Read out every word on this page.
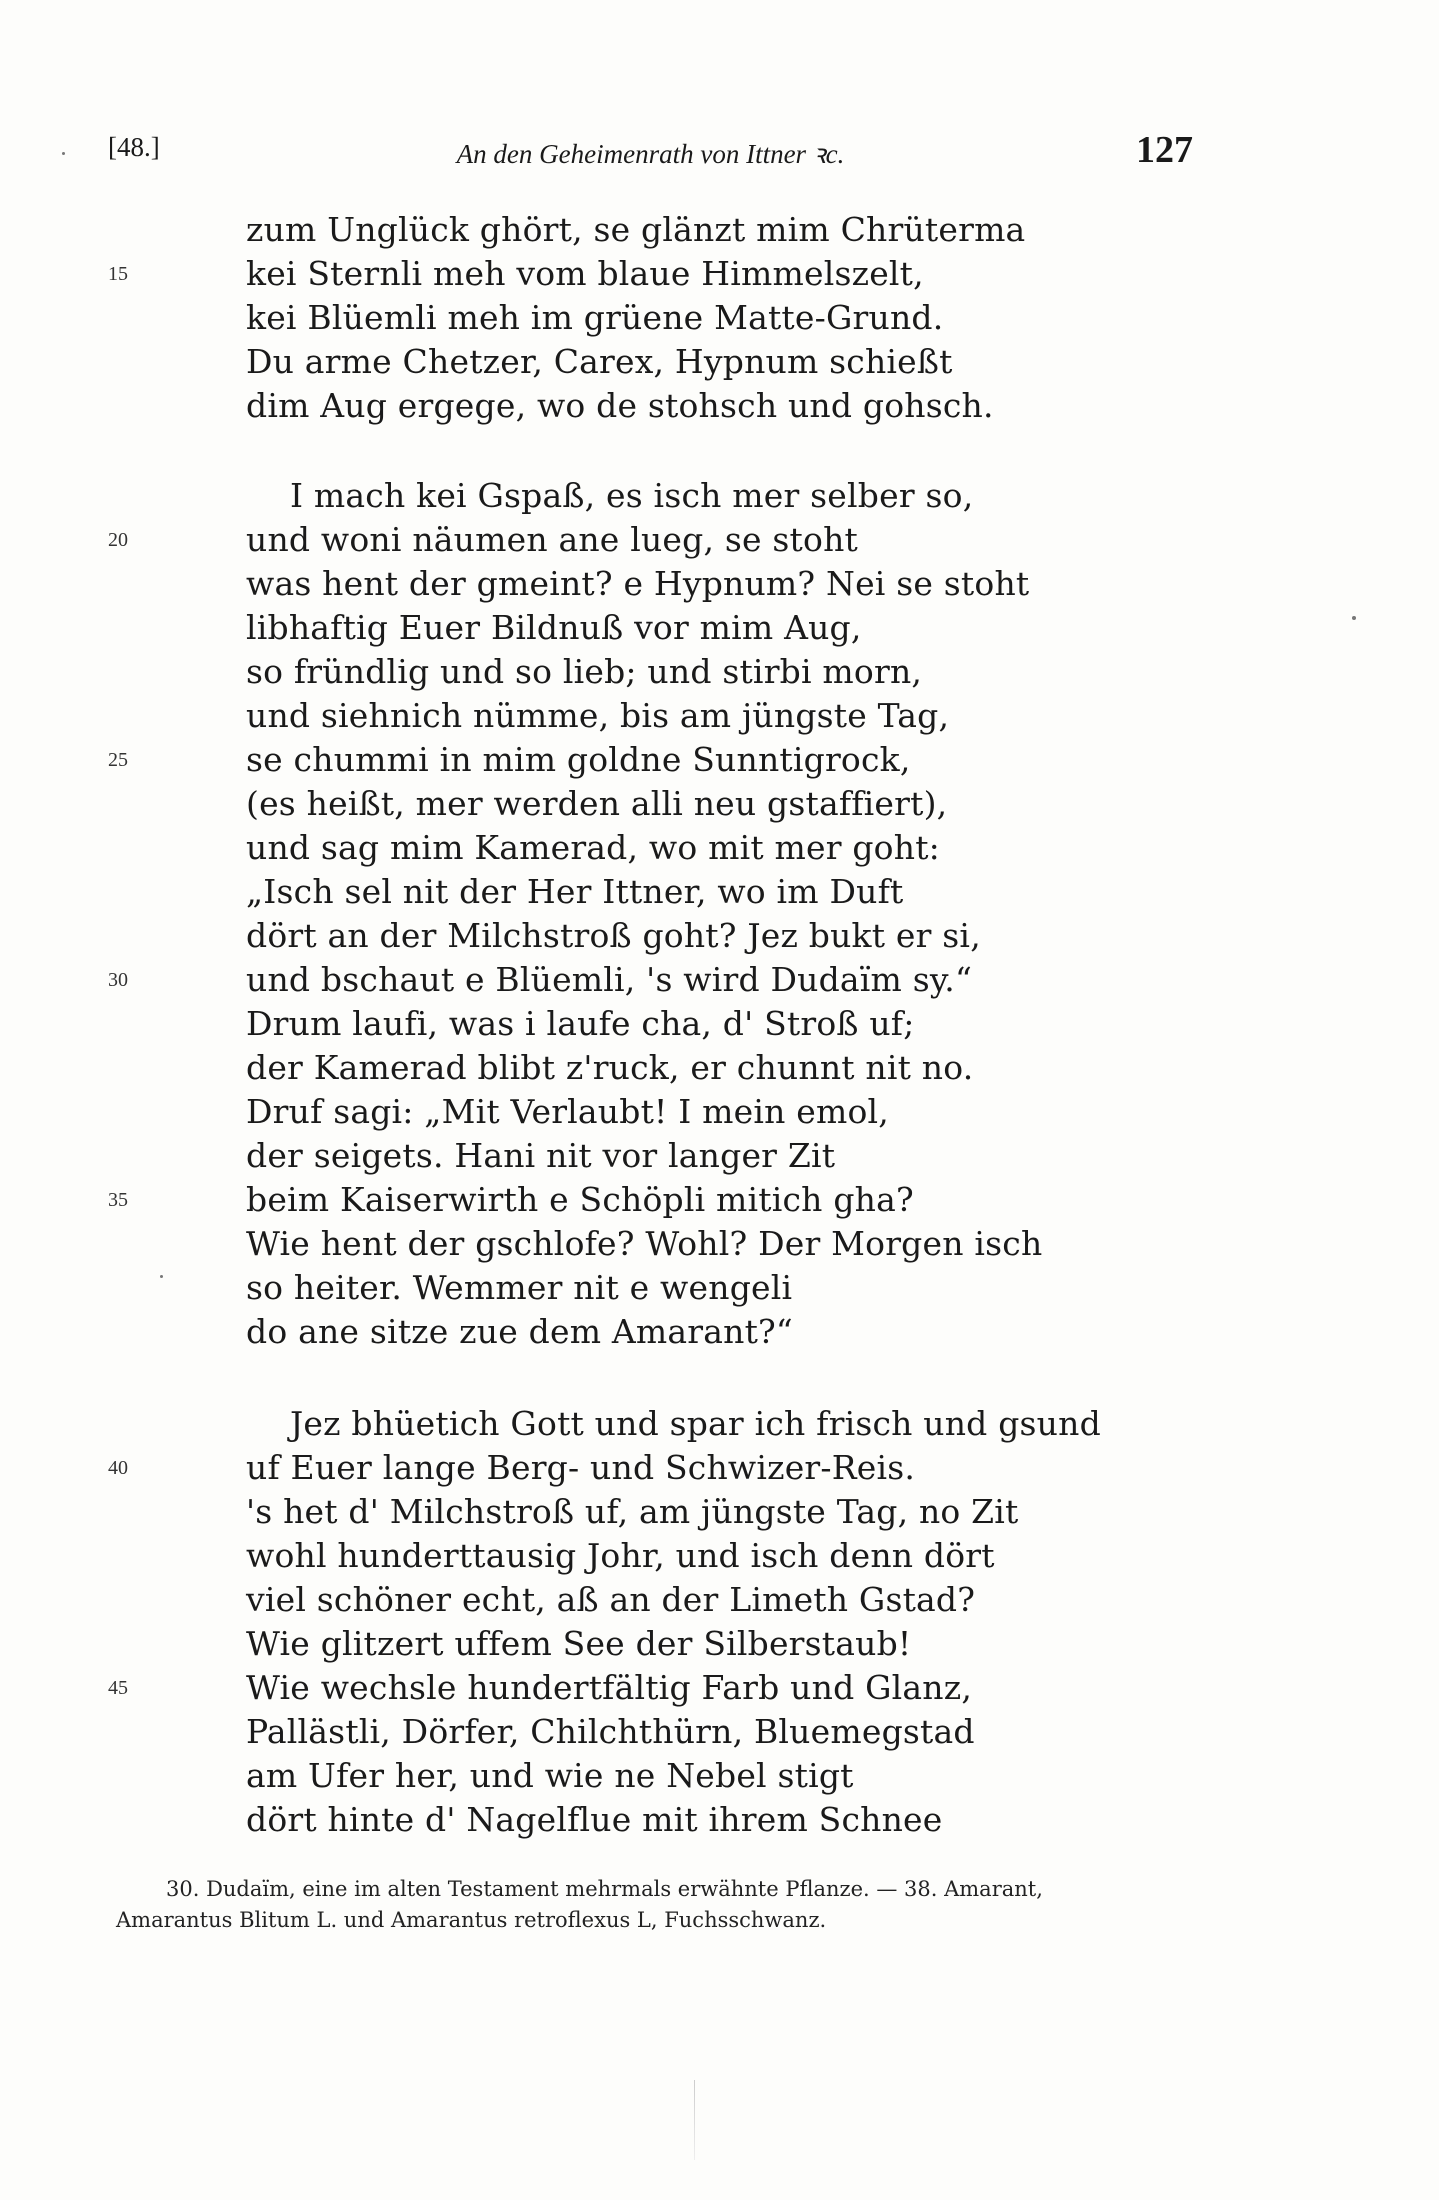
[48.]	An den Geheimenrath von Ittner ꝛc.	127
zum Unglück ghört, se glänzt mim Chrüterma
kei Sternli meh vom blaue Himmelszelt,
15
kei Blüemli meh im grüene Matte-Grund.
Du arme Chetzer, Carex, Hypnum schießt
dim Aug ergege, wo de stohsch und gohsch.
I mach kei Gspaß, es isch mer selber so,
und woni näumen ane lueg, se stoht
20
was hent der gmeint? e Hypnum? Nei se stoht
libhaftig Euer Bildnuß vor mim Aug,
so fründlig und so lieb; und stirbi morn,
und siehnich nümme, bis am jüngste Tag,
se chummi in mim goldne Sunntigrock,
25
(es heißt, mer werden alli neu gstaffiert),
und sag mim Kamerad, wo mit mer goht:
„Isch sel nit der Her Ittner, wo im Duft
dört an der Milchstroß goht? Jez bukt er si,
und bschaut e Blüemli, 's wird Dudaïm sy.“
30
Drum laufi, was i laufe cha, d' Stroß uf;
der Kamerad blibt z'ruck, er chunnt nit no.
Druf sagi: „Mit Verlaubt! I mein emol,
der seigets. Hani nit vor langer Zit
beim Kaiserwirth e Schöpli mitich gha?
35
Wie hent der gschlofe? Wohl? Der Morgen isch
so heiter. Wemmer nit e wengeli
do ane sitze zue dem Amarant?“
Jez bhüetich Gott und spar ich frisch und gsund
uf Euer lange Berg- und Schwizer-Reis.
40
's het d' Milchstroß uf, am jüngste Tag, no Zit
wohl hunderttausig Johr, und isch denn dört
viel schöner echt, aß an der Limeth Gstad?
Wie glitzert uffem See der Silberstaub!
Wie wechsle hundertfältig Farb und Glanz,
45
Pallästli, Dörfer, Chilchthürn, Bluemegstad
am Ufer her, und wie ne Nebel stigt
dört hinte d' Nagelflue mit ihrem Schnee
30. Dudaïm, eine im alten Testament mehrmals erwähnte Pflanze. — 38. Amarant,
Amarantus Blitum L. und Amarantus retroflexus L, Fuchsschwanz.
